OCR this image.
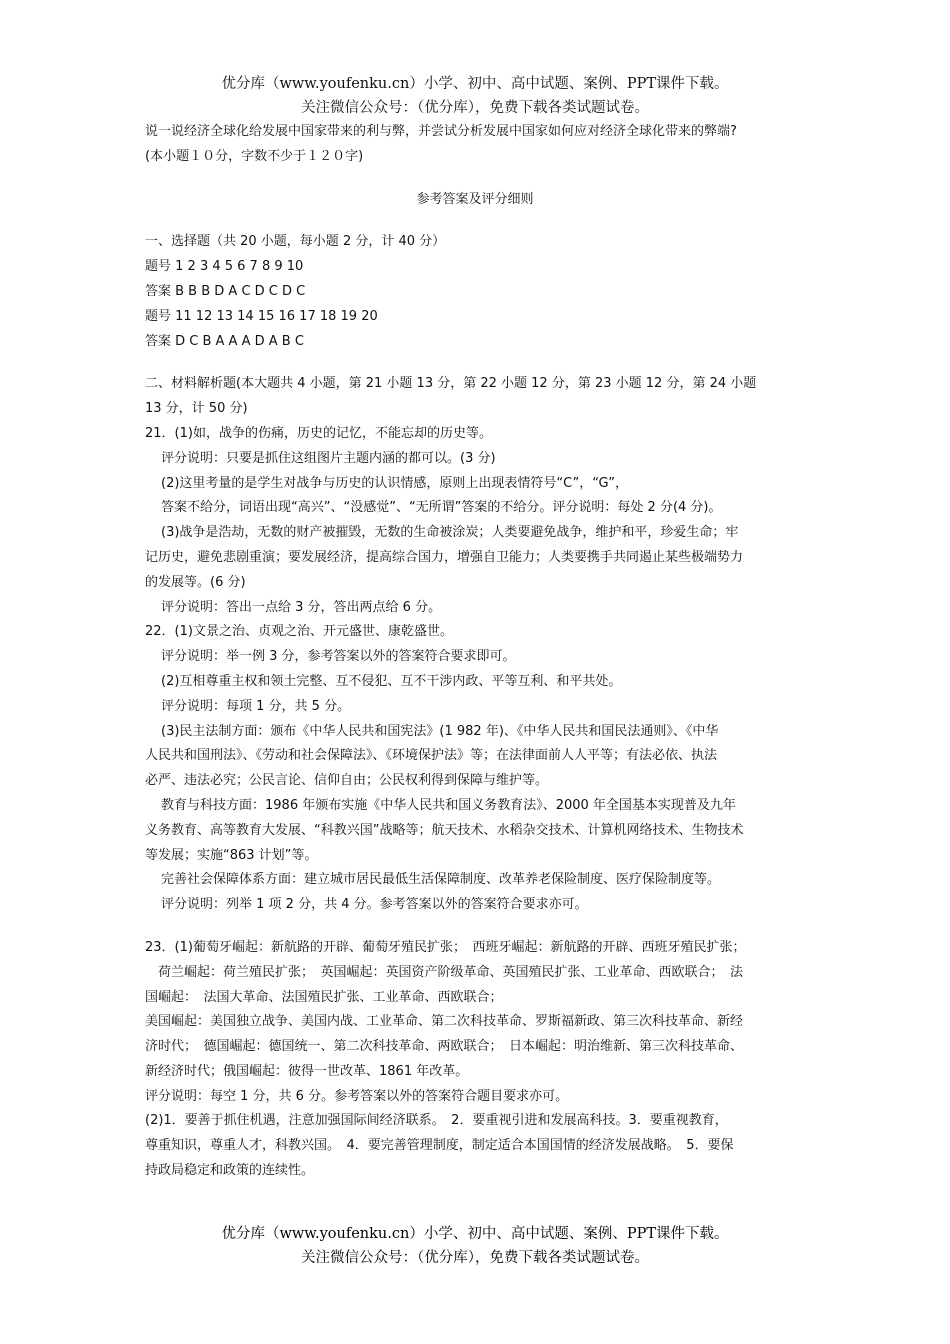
优分库（www.youfenku.cn）小学、初中、高中试题、案例、PPT课件下载。
关注微信公众号：（优分库），免费下载各类试题试卷。
说一说经济全球化给发展中国家带来的利与弊，并尝试分析发展中国家如何应对经济全球化带来的弊端?
(本小题１０分，字数不少于１２０字)
参考答案及评分细则
一、选择题（共 20 小题，每小题 2 分，计 40 分）
题号 1 2 3 4 5 6 7 8 9 10
答案 B B B D A C D C D C
题号 11 12 13 14 15 16 17 18 19 20
答案 D C B A A A D A B C
二、材料解析题(本大题共 4 小题，第 21 小题 13 分，第 22 小题 12 分，第 23 小题 12 分，第 24 小题
13 分，计 50 分)
21．(1)如，战争的伤痛，历史的记忆，不能忘却的历史等。
评分说明：只要是抓住这组图片主题内涵的都可以。(3 分)
(2)这里考量的是学生对战争与历史的认识情感，原则上出现表情符号“C”，“G”，
答案不给分，词语出现“高兴”、“没感觉”、“无所谓”答案的不给分。评分说明：每处 2 分(4 分)。
(3)战争是浩劫，无数的财产被摧毁，无数的生命被涂炭；人类要避免战争，维护和平，珍爱生命；牢
记历史，避免悲剧重演；要发展经济，提高综合国力，增强自卫能力；人类要携手共同遏止某些极端势力
的发展等。(6 分)
评分说明：答出一点给 3 分，答出两点给 6 分。
22．(1)文景之治、贞观之治、开元盛世、康乾盛世。
评分说明：举一例 3 分，参考答案以外的答案符合要求即可。
(2)互相尊重主权和领土完整、互不侵犯、互不干涉内政、平等互利、和平共处。
评分说明：每项 1 分，共 5 分。
(3)民主法制方面：颁布《中华人民共和国宪法》(1 982 年)、《中华人民共和国民法通则》、《中华
人民共和国刑法》、《劳动和社会保障法》、《环境保护法》等；在法律面前人人平等；有法必依、执法
必严、违法必究；公民言论、信仰自由；公民权利得到保障与维护等。
教育与科技方面：1986 年颁布实施《中华人民共和国义务教育法》、2000 年全国基本实现普及九年
义务教育、高等教育大发展、“科教兴国”战略等；航天技术、水稻杂交技术、计算机网络技术、生物技术
等发展；实施“863 计划”等。
完善社会保障体系方面：建立城市居民最低生活保障制度、改革养老保险制度、医疗保险制度等。
评分说明：列举 1 项 2 分，共 4 分。参考答案以外的答案符合要求亦可。
23．(1)葡萄牙崛起：新航路的开辟、葡萄牙殖民扩张；　西班牙崛起：新航路的开辟、西班牙殖民扩张；
　荷兰崛起：荷兰殖民扩张；　英国崛起：英国资产阶级革命、英国殖民扩张、工业革命、西欧联合；　法
国崛起：　法国大革命、法国殖民扩张、工业革命、西欧联合；
美国崛起：美国独立战争、美国内战、工业革命、第二次科技革命、罗斯福新政、第三次科技革命、新经
济时代；　德国崛起：德国统一、第二次科技革命、两欧联合；　日本崛起：明治维新、第三次科技革命、
新经济时代；俄国崛起：彼得一世改革、1861 年改革。
评分说明：每空 1 分，共 6 分。参考答案以外的答案符合题目要求亦可。
(2)1．要善于抓住机遇，注意加强国际间经济联系。　2．要重视引进和发展高科技。3．要重视教育，
尊重知识，尊重人才，科教兴国。　4．要完善管理制度，制定适合本国国情的经济发展战略。　5．要保
持政局稳定和政策的连续性。
优分库（www.youfenku.cn）小学、初中、高中试题、案例、PPT课件下载。
关注微信公众号：（优分库），免费下载各类试题试卷。
